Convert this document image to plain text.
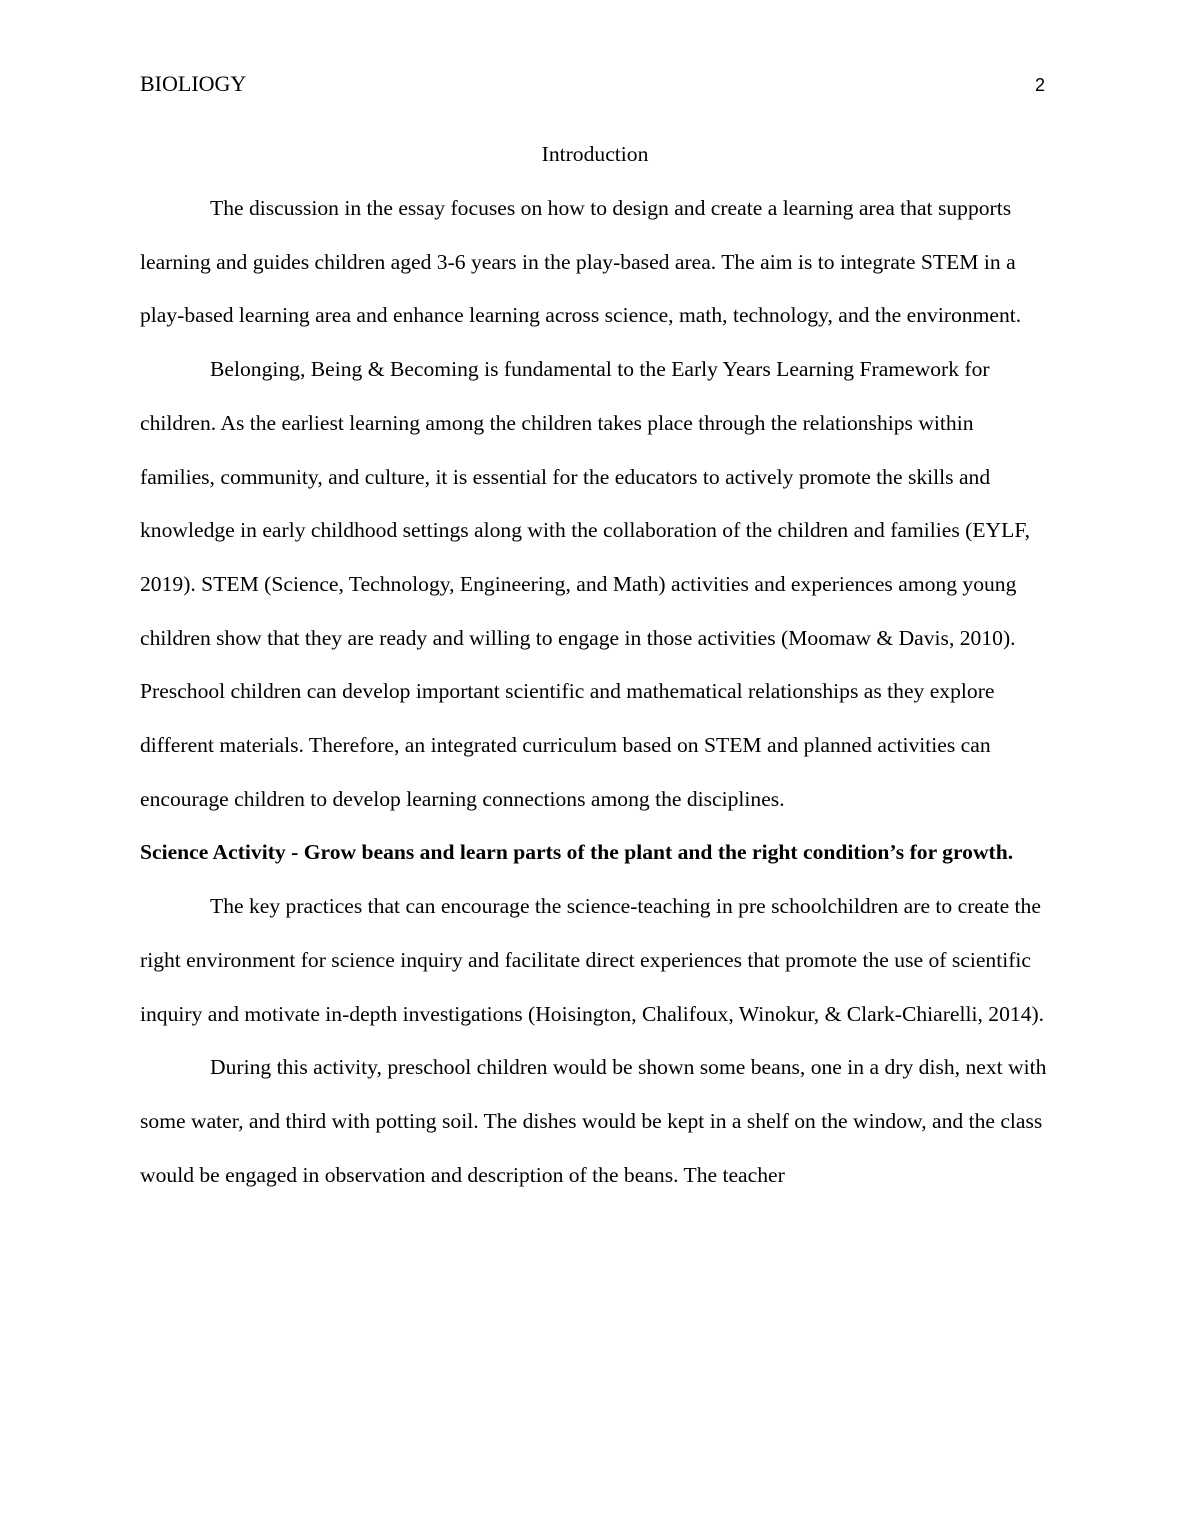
BIOLIOGY	2
Introduction

The discussion in the essay focuses on how to design and create a learning area that supports learning and guides children aged 3-6 years in the play-based area. The aim is to integrate STEM in a play-based learning area and enhance learning across science, math, technology, and the environment.

Belonging, Being & Becoming is fundamental to the Early Years Learning Framework for children. As the earliest learning among the children takes place through the relationships within families, community, and culture, it is essential for the educators to actively promote the skills and knowledge in early childhood settings along with the collaboration of the children and families (EYLF, 2019). STEM (Science, Technology, Engineering, and Math) activities and experiences among young children show that they are ready and willing to engage in those activities (Moomaw & Davis, 2010). Preschool children can develop important scientific and mathematical relationships as they explore different materials. Therefore, an integrated curriculum based on STEM and planned activities can encourage children to develop learning connections among the disciplines.

Science Activity - Grow beans and learn parts of the plant and the right condition’s for growth.

The key practices that can encourage the science-teaching in pre schoolchildren are to create the right environment for science inquiry and facilitate direct experiences that promote the use of scientific inquiry and motivate in-depth investigations (Hoisington, Chalifoux, Winokur, & Clark-Chiarelli, 2014).

During this activity, preschool children would be shown some beans, one in a dry dish, next with some water, and third with potting soil. The dishes would be kept in a shelf on the window, and the class would be engaged in observation and description of the beans. The teacher
